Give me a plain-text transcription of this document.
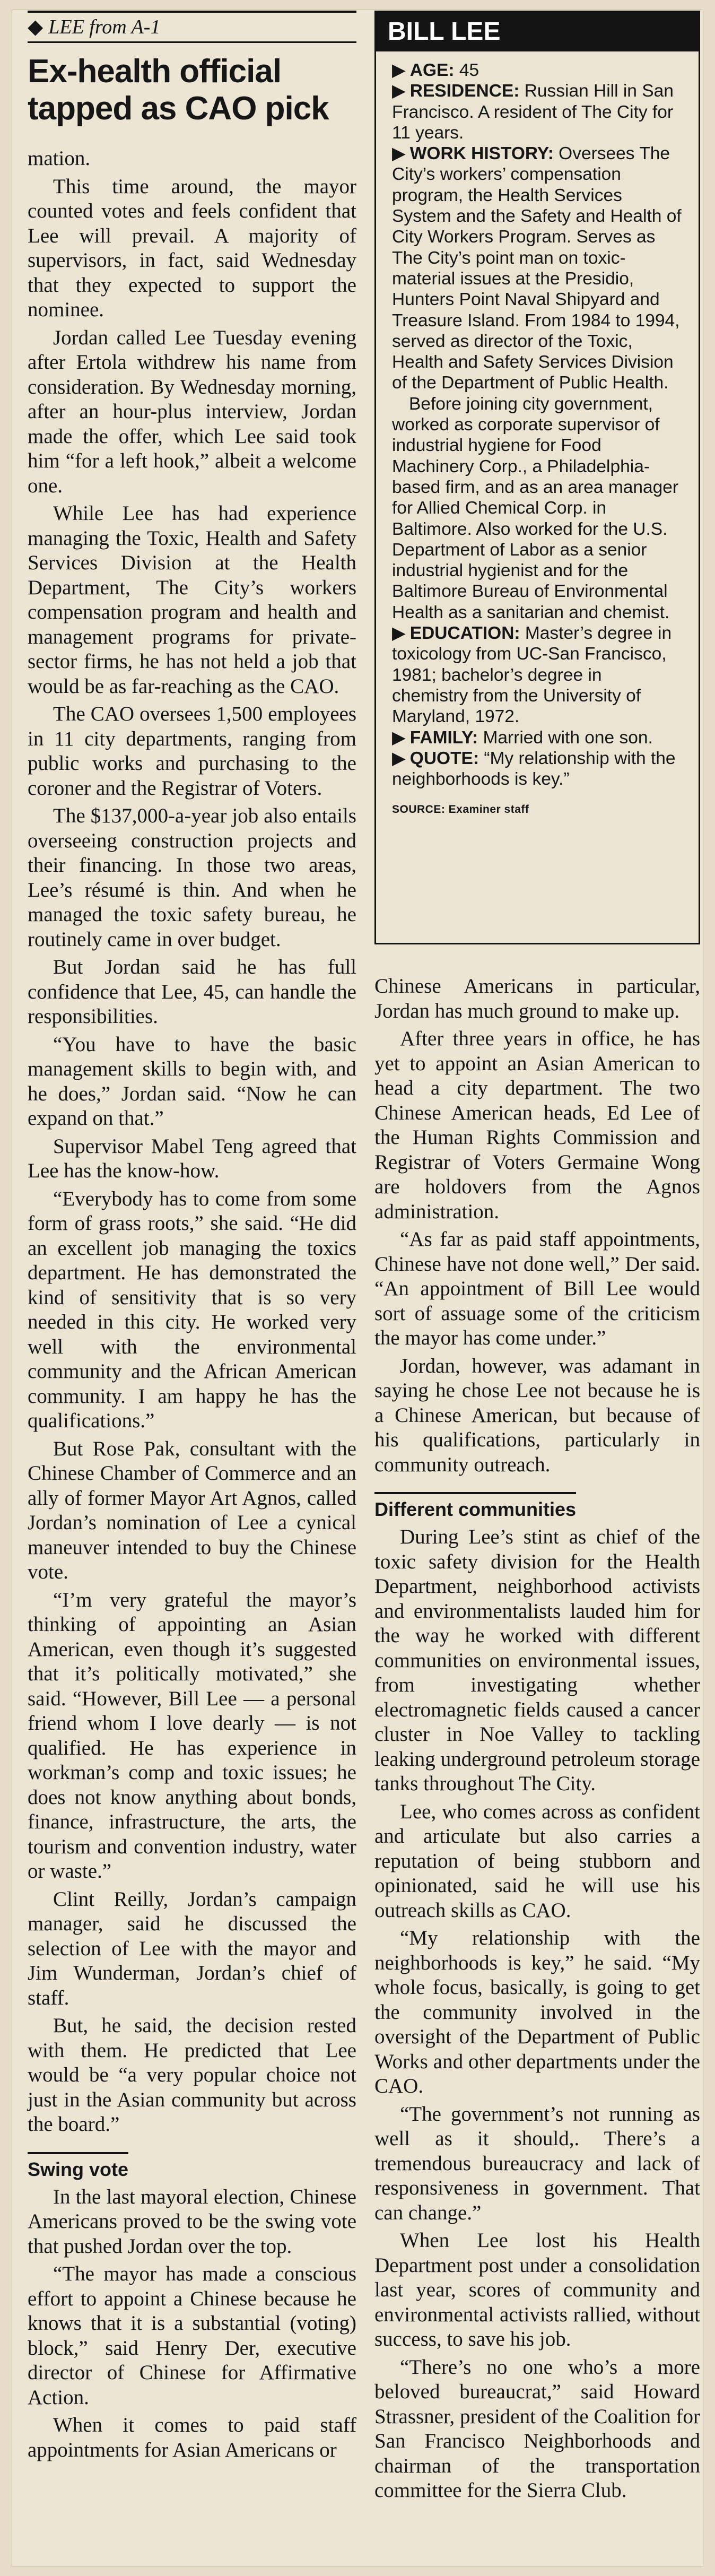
◆ LEE from A-1
Ex-health official tapped as CAO pick

mation.

This time around, the mayor counted votes and feels confident that Lee will prevail. A majority of supervisors, in fact, said Wednesday that they expected to support the nominee.

Jordan called Lee Tuesday evening after Ertola withdrew his name from consideration. By Wednesday morning, after an hour-plus interview, Jordan made the offer, which Lee said took him “for a left hook,” albeit a welcome one.

While Lee has had experience managing the Toxic, Health and Safety Services Division at the Health Department, The City’s workers compensation program and health and management programs for private-sector firms, he has not held a job that would be as far-reaching as the CAO.

The CAO oversees 1,500 employees in 11 city departments, ranging from public works and purchasing to the coroner and the Registrar of Voters.

The $137,000-a-year job also entails overseeing construction projects and their financing. In those two areas, Lee’s résumé is thin. And when he managed the toxic safety bureau, he routinely came in over budget.

But Jordan said he has full confidence that Lee, 45, can handle the responsibilities.

“You have to have the basic management skills to begin with, and he does,” Jordan said. “Now he can expand on that.”

Supervisor Mabel Teng agreed that Lee has the know-how.

“Everybody has to come from some form of grass roots,” she said. “He did an excellent job managing the toxics department. He has demonstrated the kind of sensitivity that is so very needed in this city. He worked very well with the environmental community and the African American community. I am happy he has the qualifications.”

But Rose Pak, consultant with the Chinese Chamber of Commerce and an ally of former Mayor Art Agnos, called Jordan’s nomination of Lee a cynical maneuver intended to buy the Chinese vote.

“I’m very grateful the mayor’s thinking of appointing an Asian American, even though it’s suggested that it’s politically motivated,” she said. “However, Bill Lee — a personal friend whom I love dearly — is not qualified. He has experience in workman’s comp and toxic issues; he does not know anything about bonds, finance, infrastructure, the arts, the tourism and convention industry, water or waste.”

Clint Reilly, Jordan’s campaign manager, said he discussed the selection of Lee with the mayor and Jim Wunderman, Jordan’s chief of staff.

But, he said, the decision rested with them. He predicted that Lee would be “a very popular choice not just in the Asian community but across the board.”

Swing vote

In the last mayoral election, Chinese Americans proved to be the swing vote that pushed Jordan over the top.

“The mayor has made a conscious effort to appoint a Chinese because he knows that it is a substantial (voting) block,” said Henry Der, executive director of Chinese for Affirmative Action.

When it comes to paid staff appointments for Asian Americans or

BILL LEE

▶ AGE: 45

▶ RESIDENCE: Russian Hill in San Francisco. A resident of The City for 11 years.

▶ WORK HISTORY: Oversees The City’s workers’ compensation program, the Health Services System and the Safety and Health of City Workers Program. Serves as The City’s point man on toxic-material issues at the Presidio, Hunters Point Naval Shipyard and Treasure Island. From 1984 to 1994, served as director of the Toxic, Health and Safety Services Division of the Department of Public Health.

Before joining city government, worked as corporate supervisor of industrial hygiene for Food Machinery Corp., a Philadelphia-based firm, and as an area manager for Allied Chemical Corp. in Baltimore. Also worked for the U.S. Department of Labor as a senior industrial hygienist and for the Baltimore Bureau of Environmental Health as a sanitarian and chemist.

▶ EDUCATION: Master’s degree in toxicology from UC-San Francisco, 1981; bachelor’s degree in chemistry from the University of Maryland, 1972.

▶ FAMILY: Married with one son.

▶ QUOTE: “My relationship with the neighborhoods is key.”

SOURCE: Examiner staff

Chinese Americans in particular, Jordan has much ground to make up.

After three years in office, he has yet to appoint an Asian American to head a city department. The two Chinese American heads, Ed Lee of the Human Rights Commission and Registrar of Voters Germaine Wong are holdovers from the Agnos administration.

“As far as paid staff appointments, Chinese have not done well,” Der said. “An appointment of Bill Lee would sort of assuage some of the criticism the mayor has come under.”

Jordan, however, was adamant in saying he chose Lee not because he is a Chinese American, but because of his qualifications, particularly in community outreach.

Different communities

During Lee’s stint as chief of the toxic safety division for the Health Department, neighborhood activists and environmentalists lauded him for the way he worked with different communities on environmental issues, from investigating whether electromagnetic fields caused a cancer cluster in Noe Valley to tackling leaking underground petroleum storage tanks throughout The City.

Lee, who comes across as confident and articulate but also carries a reputation of being stubborn and opinionated, said he will use his outreach skills as CAO.

“My relationship with the neighborhoods is key,” he said. “My whole focus, basically, is going to get the community involved in the oversight of the Department of Public Works and other departments under the CAO.

“The government’s not running as well as it should,. There’s a tremendous bureaucracy and lack of responsiveness in government. That can change.”

When Lee lost his Health Department post under a consolidation last year, scores of community and environmental activists rallied, without success, to save his job.

“There’s no one who’s a more beloved bureaucrat,” said Howard Strassner, president of the Coalition for San Francisco Neighborhoods and chairman of the transportation committee for the Sierra Club.
